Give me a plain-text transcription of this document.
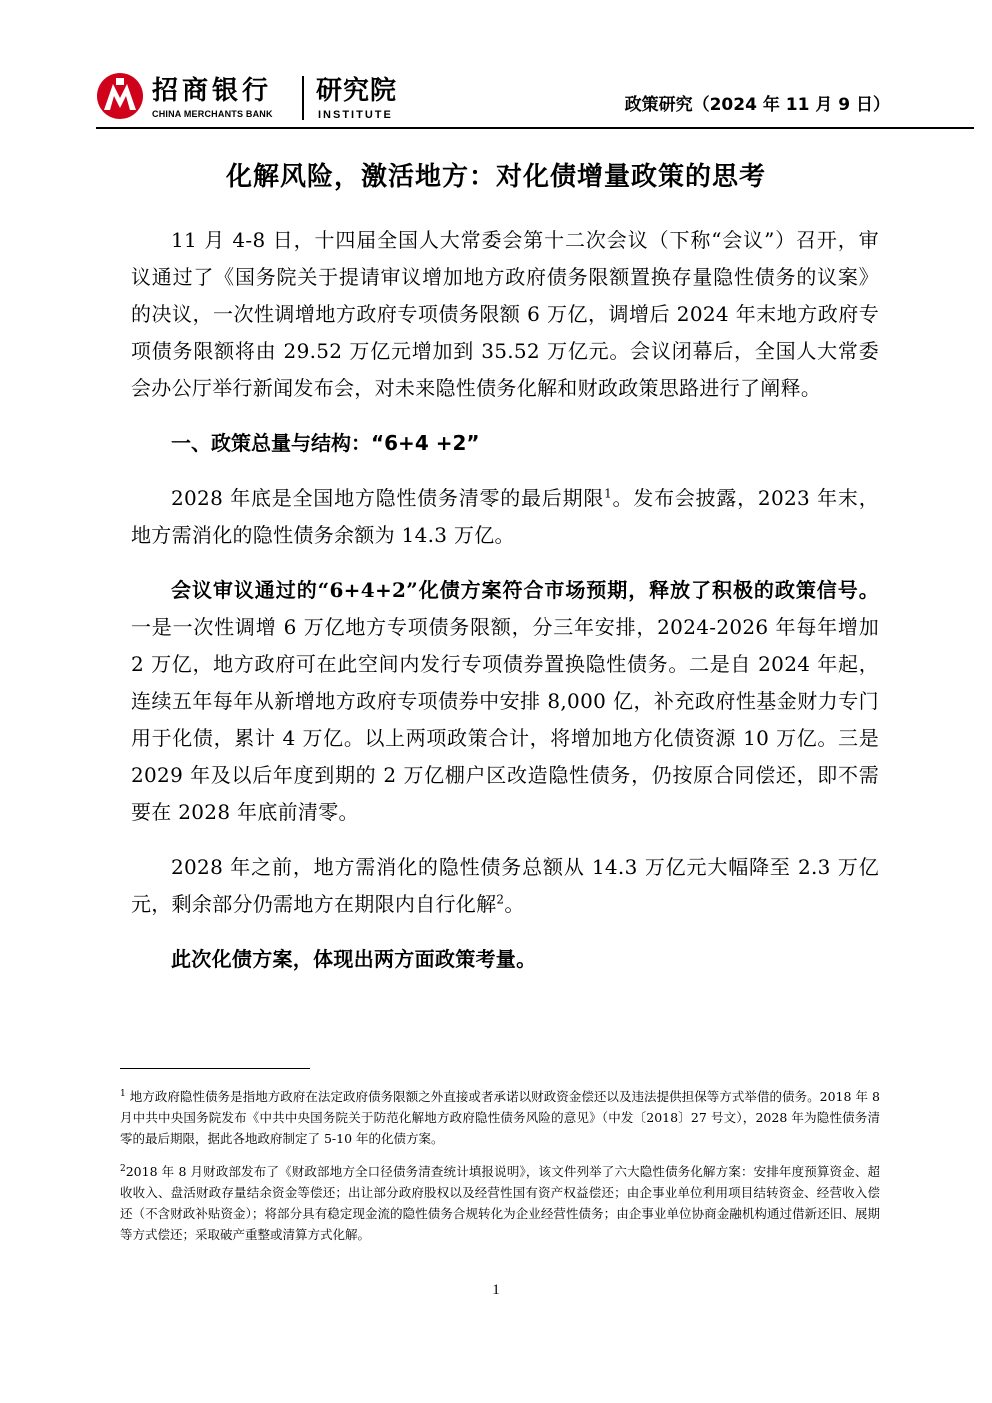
招商银行
CHINA MERCHANTS BANK
研究院
INSTITUTE	政策研究（2024 年 11 月 9 日）
化解风险，激活地方：对化债增量政策的思考

11 月 4-8 日，十四届全国人大常委会第十二次会议（下称“会议”）召开，审议通过了《国务院关于提请审议增加地方政府债务限额置换存量隐性债务的议案》的决议，一次性调增地方政府专项债务限额 6 万亿，调增后 2024 年末地方政府专项债务限额将由 29.52 万亿元增加到 35.52 万亿元。会议闭幕后，全国人大常委会办公厅举行新闻发布会，对未来隐性债务化解和财政政策思路进行了阐释。

一、政策总量与结构：“6+4 +2”

2028 年底是全国地方隐性债务清零的最后期限$^1$。发布会披露，2023 年末，地方需消化的隐性债务余额为 14.3 万亿。

会议审议通过的“6+4+2”化债方案符合市场预期，释放了积极的政策信号。一是一次性调增 6 万亿地方专项债务限额，分三年安排，2024-2026 年每年增加 2 万亿，地方政府可在此空间内发行专项债券置换隐性债务。二是自 2024 年起，连续五年每年从新增地方政府专项债券中安排 8,000 亿，补充政府性基金财力专门用于化债，累计 4 万亿。以上两项政策合计，将增加地方化债资源 10 万亿。三是 2029 年及以后年度到期的 2 万亿棚户区改造隐性债务，仍按原合同偿还，即不需要在 2028 年底前清零。

2028 年之前，地方需消化的隐性债务总额从 14.3 万亿元大幅降至 2.3 万亿元，剩余部分仍需地方在期限内自行化解$^2$。

此次化债方案，体现出两方面政策考量。

$^1$ 地方政府隐性债务是指地方政府在法定政府债务限额之外直接或者承诺以财政资金偿还以及违法提供担保等方式举借的债务。2018 年 8 月中共中央国务院发布《中共中央国务院关于防范化解地方政府隐性债务风险的意见》（中发〔2018〕27 号文），2028 年为隐性债务清零的最后期限，据此各地政府制定了 5-10 年的化债方案。

$^2$2018 年 8 月财政部发布了《财政部地方全口径债务清查统计填报说明》，该文件列举了六大隐性债务化解方案：安排年度预算资金、超收收入、盘活财政存量结余资金等偿还；出让部分政府股权以及经营性国有资产权益偿还；由企事业单位利用项目结转资金、经营收入偿还（不含财政补贴资金）；将部分具有稳定现金流的隐性债务合规转化为企业经营性债务；由企事业单位协商金融机构通过借新还旧、展期等方式偿还；采取破产重整或清算方式化解。

1
